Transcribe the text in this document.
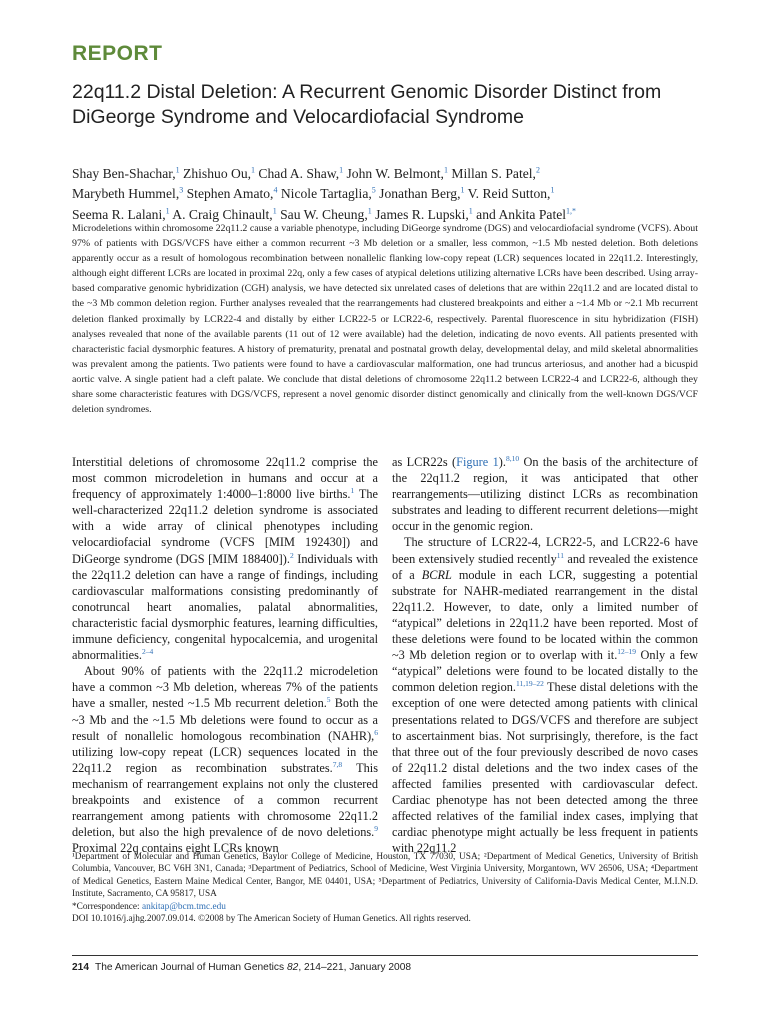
REPORT
22q11.2 Distal Deletion: A Recurrent Genomic Disorder Distinct from DiGeorge Syndrome and Velocardiofacial Syndrome
Shay Ben-Shachar,$^1$ Zhishuo Ou,$^1$ Chad A. Shaw,$^1$ John W. Belmont,$^1$ Millan S. Patel,$^2$
Marybeth Hummel,$^3$ Stephen Amato,$^4$ Nicole Tartaglia,$^5$ Jonathan Berg,$^1$ V. Reid Sutton,$^1$
Seema R. Lalani,$^1$ A. Craig Chinault,$^1$ Sau W. Cheung,$^1$ James R. Lupski,$^1$ and Ankita Patel$^{1,*}$

Microdeletions within chromosome 22q11.2 cause a variable phenotype, including DiGeorge syndrome (DGS) and velocardiofacial syndrome (VCFS). About 97% of patients with DGS/VCFS have either a common recurrent ~3 Mb deletion or a smaller, less common, ~1.5 Mb nested deletion. Both deletions apparently occur as a result of homologous recombination between nonallelic flanking low-copy repeat (LCR) sequences located in 22q11.2. Interestingly, although eight different LCRs are located in proximal 22q, only a few cases of atypical deletions utilizing alternative LCRs have been described. Using array-based comparative genomic hybridization (CGH) analysis, we have detected six unrelated cases of deletions that are within 22q11.2 and are located distal to the ~3 Mb common deletion region. Further analyses revealed that the rearrangements had clustered breakpoints and either a ~1.4 Mb or ~2.1 Mb recurrent deletion flanked proximally by LCR22-4 and distally by either LCR22-5 or LCR22-6, respectively. Parental fluorescence in situ hybridization (FISH) analyses revealed that none of the available parents (11 out of 12 were available) had the deletion, indicating de novo events. All patients presented with characteristic facial dysmorphic features. A history of prematurity, prenatal and postnatal growth delay, developmental delay, and mild skeletal abnormalities was prevalent among the patients. Two patients were found to have a cardiovascular malformation, one had truncus arteriosus, and another had a bicuspid aortic valve. A single patient had a cleft palate. We conclude that distal deletions of chromosome 22q11.2 between LCR22-4 and LCR22-6, although they share some characteristic features with DGS/VCFS, represent a novel genomic disorder distinct genomically and clinically from the well-known DGS/VCF deletion syndromes.

Interstitial deletions of chromosome 22q11.2 comprise the most common microdeletion in humans and occur at a frequency of approximately 1:4000–1:8000 live births.$^1$ The well-characterized 22q11.2 deletion syndrome is associated with a wide array of clinical phenotypes including velocardiofacial syndrome (VCFS [MIM 192430]) and DiGeorge syndrome (DGS [MIM 188400]).$^2$ Individuals with the 22q11.2 deletion can have a range of findings, including cardiovascular malformations consisting predominantly of conotruncal heart anomalies, palatal abnormalities, characteristic facial dysmorphic features, learning difficulties, immune deficiency, congenital hypocalcemia, and urogenital abnormalities.$^{2-4}$

About 90% of patients with the 22q11.2 microdeletion have a common ~3 Mb deletion, whereas 7% of the patients have a smaller, nested ~1.5 Mb recurrent deletion.$^5$ Both the ~3 Mb and the ~1.5 Mb deletions were found to occur as a result of nonallelic homologous recombination (NAHR),$^6$ utilizing low-copy repeat (LCR) sequences located in the 22q11.2 region as recombination substrates.$^{7,8}$ This mechanism of rearrangement explains not only the clustered breakpoints and existence of a common recurrent rearrangement among patients with chromosome 22q11.2 deletion, but also the high prevalence of de novo deletions.$^9$ Proximal 22q contains eight LCRs known

as LCR22s (Figure 1).$^{8,10}$ On the basis of the architecture of the 22q11.2 region, it was anticipated that other rearrangements—utilizing distinct LCRs as recombination substrates and leading to different recurrent deletions—might occur in the genomic region.

The structure of LCR22-4, LCR22-5, and LCR22-6 have been extensively studied recently$^{11}$ and revealed the existence of a BCRL module in each LCR, suggesting a potential substrate for NAHR-mediated rearrangement in the distal 22q11.2. However, to date, only a limited number of “atypical” deletions in 22q11.2 have been reported. Most of these deletions were found to be located within the common ~3 Mb deletion region or to overlap with it.$^{12-19}$ Only a few “atypical” deletions were found to be located distally to the common deletion region.$^{11,19-22}$ These distal deletions with the exception of one were detected among patients with clinical presentations related to DGS/VCFS and therefore are subject to ascertainment bias. Not surprisingly, therefore, is the fact that three out of the four previously described de novo cases of 22q11.2 distal deletions and the two index cases of the affected families presented with cardiovascular defect. Cardiac phenotype has not been detected among the three affected relatives of the familial index cases, implying that cardiac phenotype might actually be less frequent in patients with 22q11.2

¹Department of Molecular and Human Genetics, Baylor College of Medicine, Houston, TX 77030, USA; ²Department of Medical Genetics, University of British Columbia, Vancouver, BC V6H 3N1, Canada; ³Department of Pediatrics, School of Medicine, West Virginia University, Morgantown, WV 26506, USA; ⁴Department of Medical Genetics, Eastern Maine Medical Center, Bangor, ME 04401, USA; ⁵Department of Pediatrics, University of California-Davis Medical Center, M.I.N.D. Institute, Sacramento, CA 95817, USA

*Correspondence: ankitap@bcm.tmc.edu

DOI 10.1016/j.ajhg.2007.09.014. ©2008 by The American Society of Human Genetics. All rights reserved.

214 The American Journal of Human Genetics 82, 214–221, January 2008
